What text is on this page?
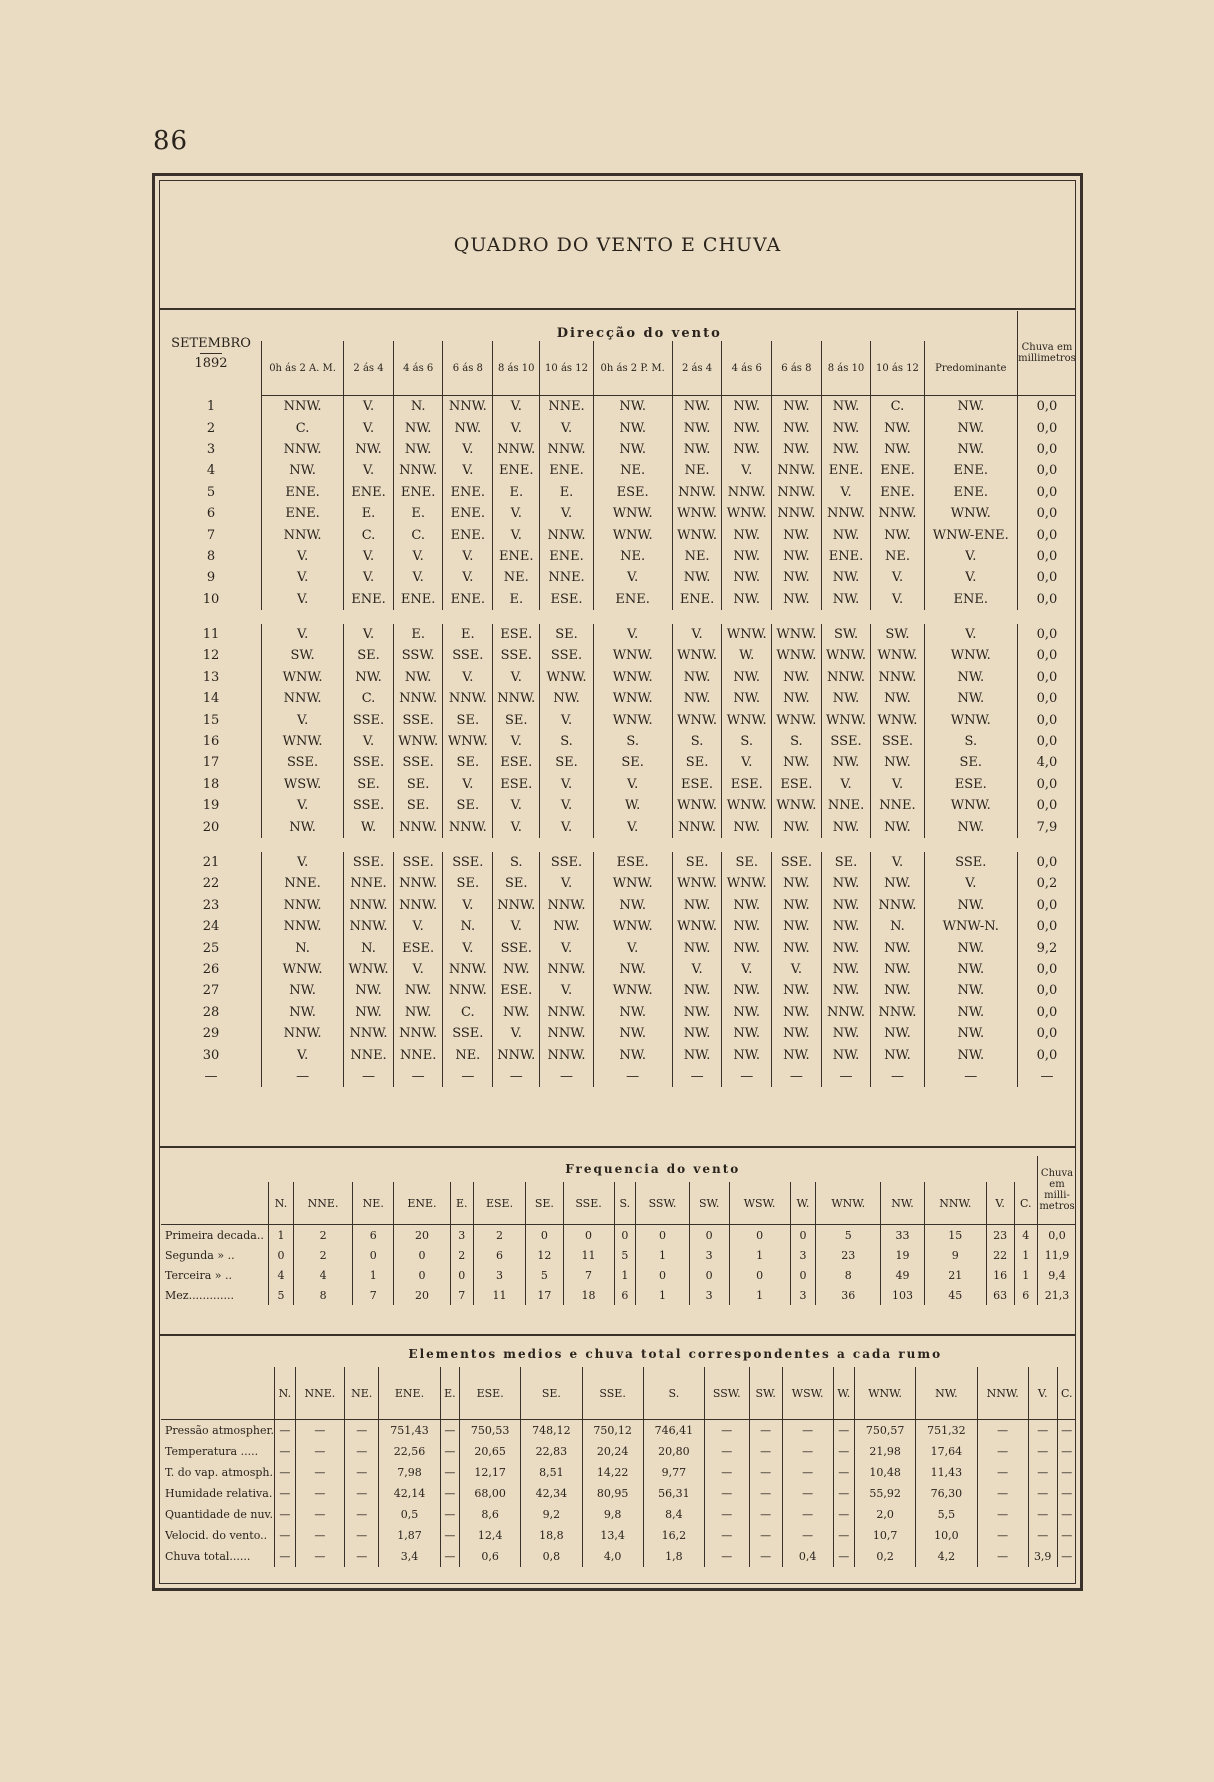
86
QUADRO DO VENTO E CHUVA
SETEMBRO

1892	Direcção do vento													Chuva em millimetros
	0h ás 2 A. M.	2 ás 4	4 ás 6	6 ás 8	8 ás 10	10 ás 12	0h ás 2 P. M.	2 ás 4	4 ás 6	6 ás 8	8 ás 10	10 ás 12	Predominante	
1	NNW.	V.	N.	NNW.	V.	NNE.	NW.	NW.	NW.	NW.	NW.	C.	NW.	0,0
2	C.	V.	NW.	NW.	V.	V.	NW.	NW.	NW.	NW.	NW.	NW.	NW.	0,0
3	NNW.	NW.	NW.	V.	NNW.	NNW.	NW.	NW.	NW.	NW.	NW.	NW.	NW.	0,0
4	NW.	V.	NNW.	V.	ENE.	ENE.	NE.	NE.	V.	NNW.	ENE.	ENE.	ENE.	0,0
5	ENE.	ENE.	ENE.	ENE.	E.	E.	ESE.	NNW.	NNW.	NNW.	V.	ENE.	ENE.	0,0
6	ENE.	E.	E.	ENE.	V.	V.	WNW.	WNW.	WNW.	NNW.	NNW.	NNW.	WNW.	0,0
7	NNW.	C.	C.	ENE.	V.	NNW.	WNW.	WNW.	NW.	NW.	NW.	NW.	WNW-ENE.	0,0
8	V.	V.	V.	V.	ENE.	ENE.	NE.	NE.	NW.	NW.	ENE.	NE.	V.	0,0
9	V.	V.	V.	V.	NE.	NNE.	V.	NW.	NW.	NW.	NW.	V.	V.	0,0
10	V.	ENE.	ENE.	ENE.	E.	ESE.	ENE.	ENE.	NW.	NW.	NW.	V.	ENE.	0,0

11	V.	V.	E.	E.	ESE.	SE.	V.	V.	WNW.	WNW.	SW.	SW.	V.	0,0
12	SW.	SE.	SSW.	SSE.	SSE.	SSE.	WNW.	WNW.	W.	WNW.	WNW.	WNW.	WNW.	0,0
13	WNW.	NW.	NW.	V.	V.	WNW.	WNW.	NW.	NW.	NW.	NNW.	NNW.	NW.	0,0
14	NNW.	C.	NNW.	NNW.	NNW.	NW.	WNW.	NW.	NW.	NW.	NW.	NW.	NW.	0,0
15	V.	SSE.	SSE.	SE.	SE.	V.	WNW.	WNW.	WNW.	WNW.	WNW.	WNW.	WNW.	0,0
16	WNW.	V.	WNW.	WNW.	V.	S.	S.	S.	S.	S.	SSE.	SSE.	S.	0,0
17	SSE.	SSE.	SSE.	SE.	ESE.	SE.	SE.	SE.	V.	NW.	NW.	NW.	SE.	4,0
18	WSW.	SE.	SE.	V.	ESE.	V.	V.	ESE.	ESE.	ESE.	V.	V.	ESE.	0,0
19	V.	SSE.	SE.	SE.	V.	V.	W.	WNW.	WNW.	WNW.	NNE.	NNE.	WNW.	0,0
20	NW.	W.	NNW.	NNW.	V.	V.	V.	NNW.	NW.	NW.	NW.	NW.	NW.	7,9

21	V.	SSE.	SSE.	SSE.	S.	SSE.	ESE.	SE.	SE.	SSE.	SE.	V.	SSE.	0,0
22	NNE.	NNE.	NNW.	SE.	SE.	V.	WNW.	WNW.	WNW.	NW.	NW.	NW.	V.	0,2
23	NNW.	NNW.	NNW.	V.	NNW.	NNW.	NW.	NW.	NW.	NW.	NW.	NNW.	NW.	0,0
24	NNW.	NNW.	V.	N.	V.	NW.	WNW.	WNW.	NW.	NW.	NW.	N.	WNW-N.	0,0
25	N.	N.	ESE.	V.	SSE.	V.	V.	NW.	NW.	NW.	NW.	NW.	NW.	9,2
26	WNW.	WNW.	V.	NNW.	NW.	NNW.	NW.	V.	V.	V.	NW.	NW.	NW.	0,0
27	NW.	NW.	NW.	NNW.	ESE.	V.	WNW.	NW.	NW.	NW.	NW.	NW.	NW.	0,0
28	NW.	NW.	NW.	C.	NW.	NNW.	NW.	NW.	NW.	NW.	NNW.	NNW.	NW.	0,0
29	NNW.	NNW.	NNW.	SSE.	V.	NNW.	NW.	NW.	NW.	NW.	NW.	NW.	NW.	0,0
30	V.	NNE.	NNE.	NE.	NNW.	NNW.	NW.	NW.	NW.	NW.	NW.	NW.	NW.	0,0
—	—	—	—	—	—	—	—	—	—	—	—	—	—	—
	Frequencia do vento																		Chuva em milli-metros
	N.	NNE.	NE.	ENE.	E.	ESE.	SE.	SSE.	S.	SSW.	SW.	WSW.	W.	WNW.	NW.	NNW.	V.	C.	
Primeira decada..	1	2	6	20	3	2	0	0	0	0	0	0	0	5	33	15	23	4	0,0
Segunda » ..	0	2	0	0	2	6	12	11	5	1	3	1	3	23	19	9	22	1	11,9
Terceira » ..	4	4	1	0	0	3	5	7	1	0	0	0	0	8	49	21	16	1	9,4
Mez.............	5	8	7	20	7	11	17	18	6	1	3	1	3	36	103	45	63	6	21,3
	Elementos medios e chuva total correspondentes a cada rumo																	
	N.	NNE.	NE.	ENE.	E.	ESE.	SE.	SSE.	S.	SSW.	SW.	WSW.	W.	WNW.	NW.	NNW.	V.	C.
Pressão atmospher.	—	—	—	751,43	—	750,53	748,12	750,12	746,41	—	—	—	—	750,57	751,32	—	—	—
Temperatura .....	—	—	—	22,56	—	20,65	22,83	20,24	20,80	—	—	—	—	21,98	17,64	—	—	—
T. do vap. atmosph.	—	—	—	7,98	—	12,17	8,51	14,22	9,77	—	—	—	—	10,48	11,43	—	—	—
Humidade relativa.	—	—	—	42,14	—	68,00	42,34	80,95	56,31	—	—	—	—	55,92	76,30	—	—	—
Quantidade de nuv.	—	—	—	0,5	—	8,6	9,2	9,8	8,4	—	—	—	—	2,0	5,5	—	—	—
Velocid. do vento..	—	—	—	1,87	—	12,4	18,8	13,4	16,2	—	—	—	—	10,7	10,0	—	—	—
Chuva total......	—	—	—	3,4	—	0,6	0,8	4,0	1,8	—	—	0,4	—	0,2	4,2	—	3,9	—
